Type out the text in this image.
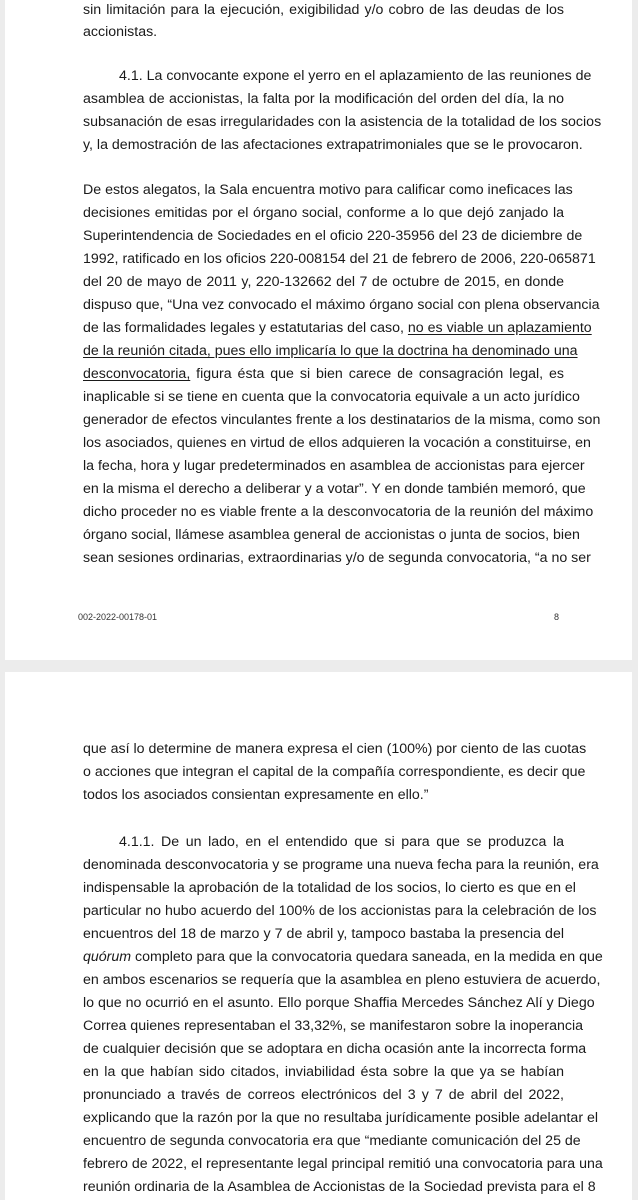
sin limitación para la ejecución, exigibilidad y/o cobro de las deudas de los
accionistas.
4.1. La convocante expone el yerro en el aplazamiento de las reuniones de
asamblea de accionistas, la falta por la modificación del orden del día, la no
subsanación de esas irregularidades con la asistencia de la totalidad de los socios
y, la demostración de las afectaciones extrapatrimoniales que se le provocaron.
De estos alegatos, la Sala encuentra motivo para calificar como ineficaces las
decisiones emitidas por el órgano social, conforme a lo que dejó zanjado la
Superintendencia de Sociedades en el oficio 220-35956 del 23 de diciembre de
1992, ratificado en los oficios 220-008154 del 21 de febrero de 2006, 220-065871
del 20 de mayo de 2011 y, 220-132662 del 7 de octubre de 2015, en donde
dispuso que, “Una vez convocado el máximo órgano social con plena observancia
de las formalidades legales y estatutarias del caso, no es viable un aplazamiento
de la reunión citada, pues ello implicaría lo que la doctrina ha denominado una
desconvocatoria, figura ésta que si bien carece de consagración legal, es
inaplicable si se tiene en cuenta que la convocatoria equivale a un acto jurídico
generador de efectos vinculantes frente a los destinatarios de la misma, como son
los asociados, quienes en virtud de ellos adquieren la vocación a constituirse, en
la fecha, hora y lugar predeterminados en asamblea de accionistas para ejercer
en la misma el derecho a deliberar y a votar”. Y en donde también memoró, que
dicho proceder no es viable frente a la desconvocatoria de la reunión del máximo
órgano social, llámese asamblea general de accionistas o junta de socios, bien
sean sesiones ordinarias, extraordinarias y/o de segunda convocatoria, “a no ser
002-2022-00178-01	8
que así lo determine de manera expresa el cien (100%) por ciento de las cuotas
o acciones que integran el capital de la compañía correspondiente, es decir que
todos los asociados consientan expresamente en ello.”
4.1.1. De un lado, en el entendido que si para que se produzca la
denominada desconvocatoria y se programe una nueva fecha para la reunión, era
indispensable la aprobación de la totalidad de los socios, lo cierto es que en el
particular no hubo acuerdo del 100% de los accionistas para la celebración de los
encuentros del 18 de marzo y 7 de abril y, tampoco bastaba la presencia del
quórum completo para que la convocatoria quedara saneada, en la medida en que
en ambos escenarios se requería que la asamblea en pleno estuviera de acuerdo,
lo que no ocurrió en el asunto. Ello porque Shaffia Mercedes Sánchez Alí y Diego
Correa quienes representaban el 33,32%, se manifestaron sobre la inoperancia
de cualquier decisión que se adoptara en dicha ocasión ante la incorrecta forma
en la que habían sido citados, inviabilidad ésta sobre la que ya se habían
pronunciado a través de correos electrónicos del 3 y 7 de abril del 2022,
explicando que la razón por la que no resultaba jurídicamente posible adelantar el
encuentro de segunda convocatoria era que “mediante comunicación del 25 de
febrero de 2022, el representante legal principal remitió una convocatoria para una
reunión ordinaria de la Asamblea de Accionistas de la Sociedad prevista para el 8
